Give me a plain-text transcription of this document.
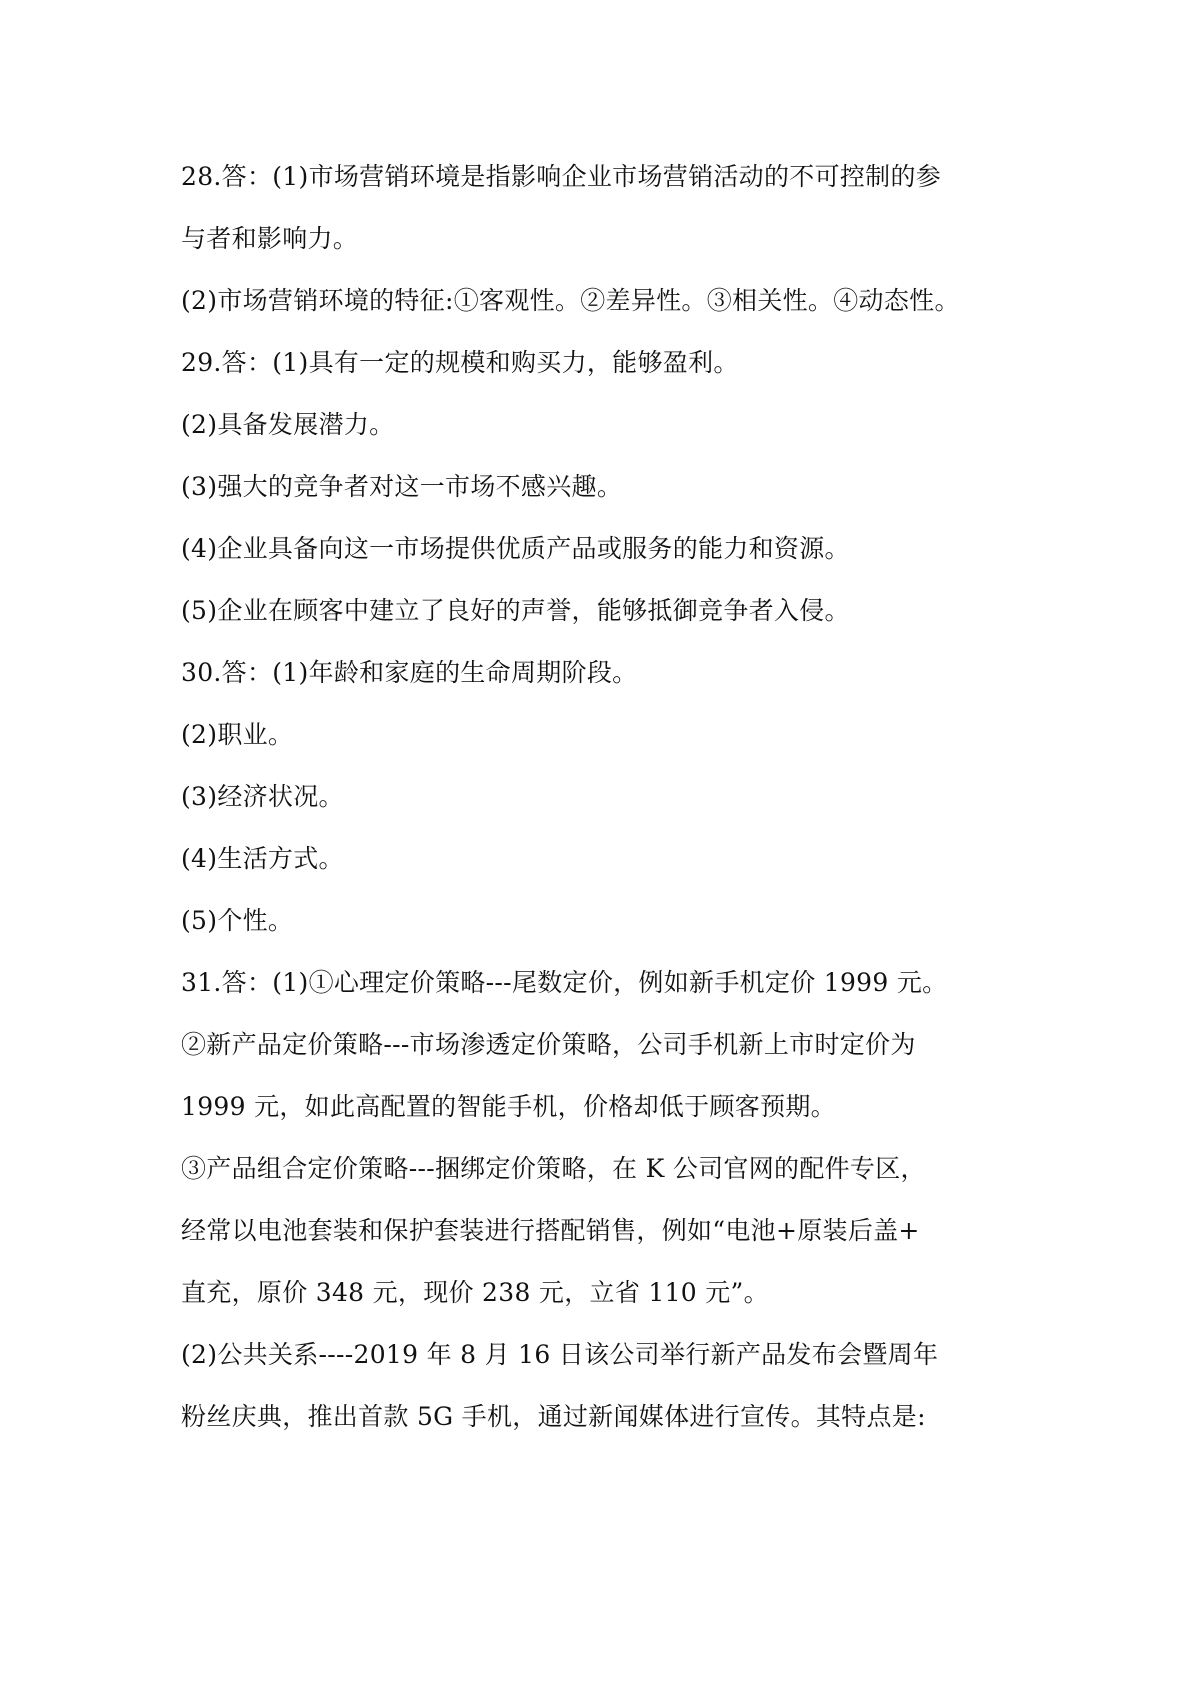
28.答：(1)市场营销环境是指影响企业市场营销活动的不可控制的参
与者和影响力。
(2)市场营销环境的特征:①客观性。②差异性。③相关性。④动态性。
29.答：(1)具有一定的规模和购买力，能够盈利。
(2)具备发展潜力。
(3)强大的竞争者对这一市场不感兴趣。
(4)企业具备向这一市场提供优质产品或服务的能力和资源。
(5)企业在顾客中建立了良好的声誉，能够抵御竞争者入侵。
30.答：(1)年龄和家庭的生命周期阶段。
(2)职业。
(3)经济状况。
(4)生活方式。
(5)个性。
31.答：(1)①心理定价策略---尾数定价，例如新手机定价 1999 元。
②新产品定价策略---市场渗透定价策略，公司手机新上市时定价为
1999 元，如此高配置的智能手机，价格却低于顾客预期。
③产品组合定价策略---捆绑定价策略，在 K 公司官网的配件专区，
经常以电池套装和保护套装进行搭配销售，例如“电池+原装后盖+
直充，原价 348 元，现价 238 元，立省 110 元”。
(2)公共关系----2019 年 8 月 16 日该公司举行新产品发布会暨周年
粉丝庆典，推出首款 5G 手机，通过新闻媒体进行宣传。其特点是:
